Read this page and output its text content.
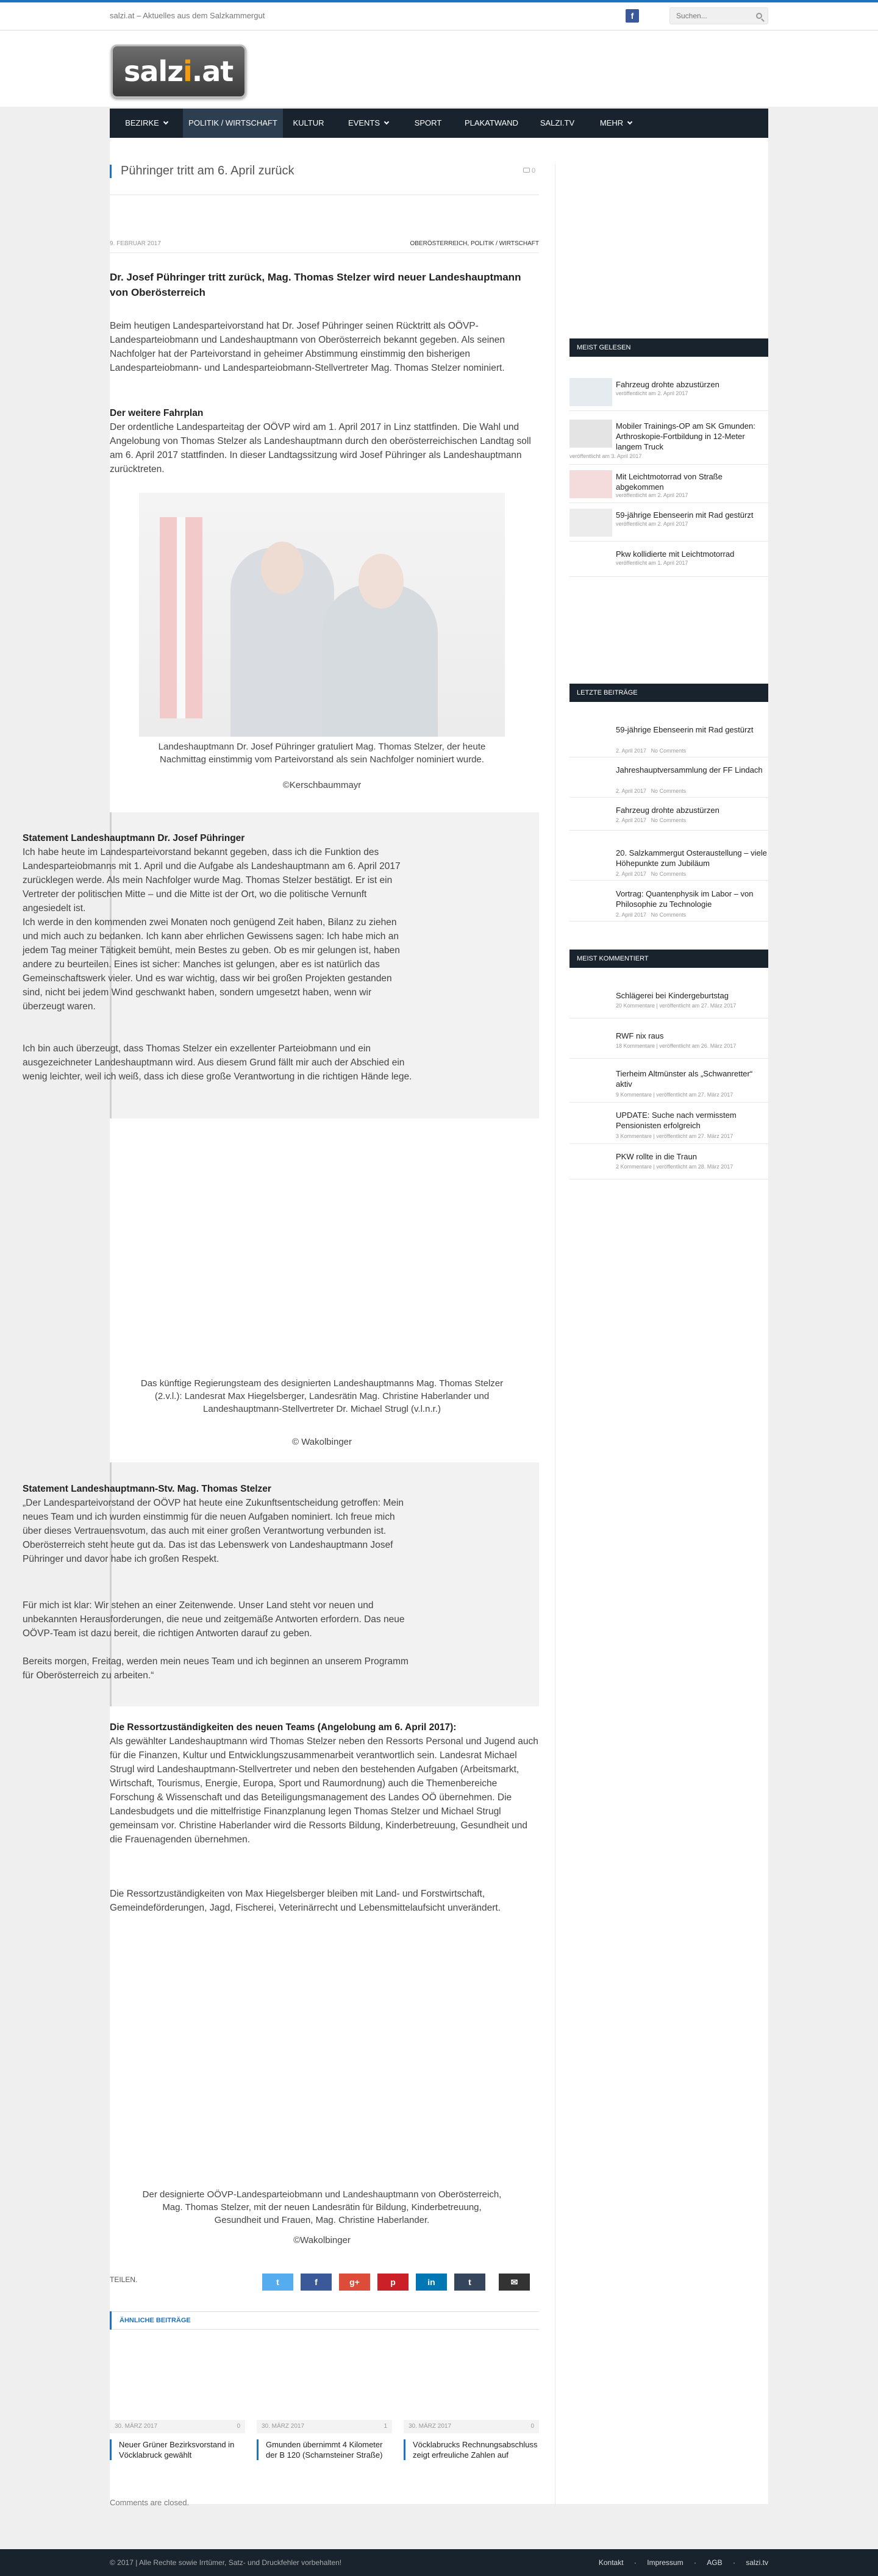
salzi.at – Aktuelles aus dem Salzkammergut	f
Suchen...
salzi.at
BEZIRKE	POLITIK / WIRTSCHAFT	KULTUR	EVENTS	SPORT	PLAKATWAND	SALZI.TV	MEHR
Pühringer tritt am 6. April zurück	0
9. FEBRUAR 2017	OBERÖSTERREICH, POLITIK / WIRTSCHAFT
Dr. Josef Pühringer tritt zurück, Mag. Thomas Stelzer wird neuer Landeshauptmann von Oberösterreich
Beim heutigen Landesparteivorstand hat Dr. Josef Pühringer seinen Rücktritt als OÖVP-Landesparteiobmann und Landeshauptmann von Oberösterreich bekannt gegeben. Als seinen Nachfolger hat der Parteivorstand in geheimer Abstimmung einstimmig den bisherigen Landesparteiobmann- und Landesparteiobmann-Stellvertreter Mag. Thomas Stelzer nominiert.
Der weitere Fahrplan
Der ordentliche Landesparteitag der OÖVP wird am 1. April 2017 in Linz stattfinden. Die Wahl und Angelobung von Thomas Stelzer als Landeshauptmann durch den oberösterreichischen Landtag soll am 6. April 2017 stattfinden. In dieser Landtagssitzung wird Josef Pühringer als Landeshauptmann zurücktreten.
Landeshauptmann Dr. Josef Pühringer gratuliert Mag. Thomas Stelzer, der heute Nachmittag einstimmig vom Parteivorstand als sein Nachfolger nominiert wurde.
©Kerschbaummayr
Statement Landeshauptmann Dr. Josef Pühringer
Ich habe heute im Landesparteivorstand bekannt gegeben, dass ich die Funktion des Landesparteiobmanns mit 1. April und die Aufgabe als Landeshauptmann am 6. April 2017 zurücklegen werde. Als mein Nachfolger wurde Mag. Thomas Stelzer bestätigt. Er ist ein Vertreter der politischen Mitte – und die Mitte ist der Ort, wo die politische Vernunft angesiedelt ist.
Ich werde in den kommenden zwei Monaten noch genügend Zeit haben, Bilanz zu ziehen und mich auch zu bedanken. Ich kann aber ehrlichen Gewissens sagen: Ich habe mich an jedem Tag meiner Tätigkeit bemüht, mein Bestes zu geben. Ob es mir gelungen ist, haben andere zu beurteilen. Eines ist sicher: Manches ist gelungen, aber es ist natürlich das Gemeinschaftswerk vieler. Und es war wichtig, dass wir bei großen Projekten gestanden sind, nicht bei jedem Wind geschwankt haben, sondern umgesetzt haben, wenn wir überzeugt waren.
Ich bin auch überzeugt, dass Thomas Stelzer ein exzellenter Parteiobmann und ein ausgezeichneter Landeshauptmann wird. Aus diesem Grund fällt mir auch der Abschied ein wenig leichter, weil ich weiß, dass ich diese große Verantwortung in die richtigen Hände lege.
Das künftige Regierungsteam des designierten Landeshauptmanns Mag. Thomas Stelzer (2.v.l.): Landesrat Max Hiegelsberger, Landesrätin Mag. Christine Haberlander und Landeshauptmann-Stellvertreter Dr. Michael Strugl (v.l.n.r.)
© Wakolbinger
Statement Landeshauptmann-Stv. Mag. Thomas Stelzer
„Der Landesparteivorstand der OÖVP hat heute eine Zukunftsentscheidung getroffen: Mein neues Team und ich wurden einstimmig für die neuen Aufgaben nominiert. Ich freue mich über dieses Vertrauensvotum, das auch mit einer großen Verantwortung verbunden ist. Oberösterreich steht heute gut da. Das ist das Lebenswerk von Landeshauptmann Josef Pühringer und davor habe ich großen Respekt.
Für mich ist klar: Wir stehen an einer Zeitenwende. Unser Land steht vor neuen und unbekannten Herausforderungen, die neue und zeitgemäße Antworten erfordern. Das neue OÖVP-Team ist dazu bereit, die richtigen Antworten darauf zu geben.
Bereits morgen, Freitag, werden mein neues Team und ich beginnen an unserem Programm für Oberösterreich zu arbeiten.“
Die Ressortzuständigkeiten des neuen Teams (Angelobung am 6. April 2017):
Als gewählter Landeshauptmann wird Thomas Stelzer neben den Ressorts Personal und Jugend auch für die Finanzen, Kultur und Entwicklungszusammenarbeit verantwortlich sein. Landesrat Michael Strugl wird Landeshauptmann-Stellvertreter und neben den bestehenden Aufgaben (Arbeitsmarkt, Wirtschaft, Tourismus, Energie, Europa, Sport und Raumordnung) auch die Themenbereiche Forschung & Wissenschaft und das Beteiligungsmanagement des Landes OÖ übernehmen. Die Landesbudgets und die mittelfristige Finanzplanung legen Thomas Stelzer und Michael Strugl gemeinsam vor. Christine Haberlander wird die Ressorts Bildung, Kinderbetreuung, Gesundheit und die Frauenagenden übernehmen.
Die Ressortzuständigkeiten von Max Hiegelsberger bleiben mit Land- und Forstwirtschaft, Gemeindeförderungen, Jagd, Fischerei, Veterinärrecht und Lebensmittelaufsicht unverändert.
Der designierte OÖVP-Landesparteiobmann und Landeshauptmann von Oberösterreich, Mag. Thomas Stelzer, mit der neuen Landesrätin für Bildung, Kinderbetreuung, Gesundheit und Frauen, Mag. Christine Haberlander.
©Wakolbinger
TEILEN.	t	f	g+	p	in	t	✉
ÄHNLICHE BEITRÄGE
30. MÄRZ 2017	0
Neuer Grüner Bezirksvorstand in Vöcklabruck gewählt
30. MÄRZ 2017	1
Gmunden übernimmt 4 Kilometer der B 120 (Scharnsteiner Straße)
30. MÄRZ 2017	0
Vöcklabrucks Rechnungsabschluss zeigt erfreuliche Zahlen auf
Comments are closed.
MEIST GELESEN
Fahrzeug drohte abzustürzen
veröffentlicht am 2. April 2017
Mobiler Trainings-OP am SK Gmunden: Arthroskopie-Fortbildung in 12-Meter langem Truck
veröffentlicht am 3. April 2017
Mit Leichtmotorrad von Straße abgekommen
veröffentlicht am 2. April 2017
59-jährige Ebenseerin mit Rad gestürzt
veröffentlicht am 2. April 2017
Pkw kollidierte mit Leichtmotorrad
veröffentlicht am 1. April 2017
LETZTE BEITRÄGE
59-jährige Ebenseerin mit Rad gestürzt
2. April 2017 No Comments
Jahreshauptversammlung der FF Lindach
2. April 2017 No Comments
Fahrzeug drohte abzustürzen
2. April 2017 No Comments
20. Salzkammergut Osteraustellung – viele Höhepunkte zum Jubiläum
2. April 2017 No Comments
Vortrag: Quantenphysik im Labor – von Philosophie zu Technologie
2. April 2017 No Comments
MEIST KOMMENTIERT
Schlägerei bei Kindergeburtstag
20 Kommentare | veröffentlicht am 27. März 2017
RWF nix raus
18 Kommentare | veröffentlicht am 26. März 2017
Tierheim Altmünster als „Schwanretter“ aktiv
9 Kommentare | veröffentlicht am 27. März 2017
UPDATE: Suche nach vermisstem Pensionisten erfolgreich
3 Kommentare | veröffentlicht am 27. März 2017
PKW rollte in die Traun
2 Kommentare | veröffentlicht am 28. März 2017
© 2017 | Alle Rechte sowie Irrtümer, Satz- und Druckfehler vorbehalten!	Kontakt · Impressum · AGB · salzi.tv
